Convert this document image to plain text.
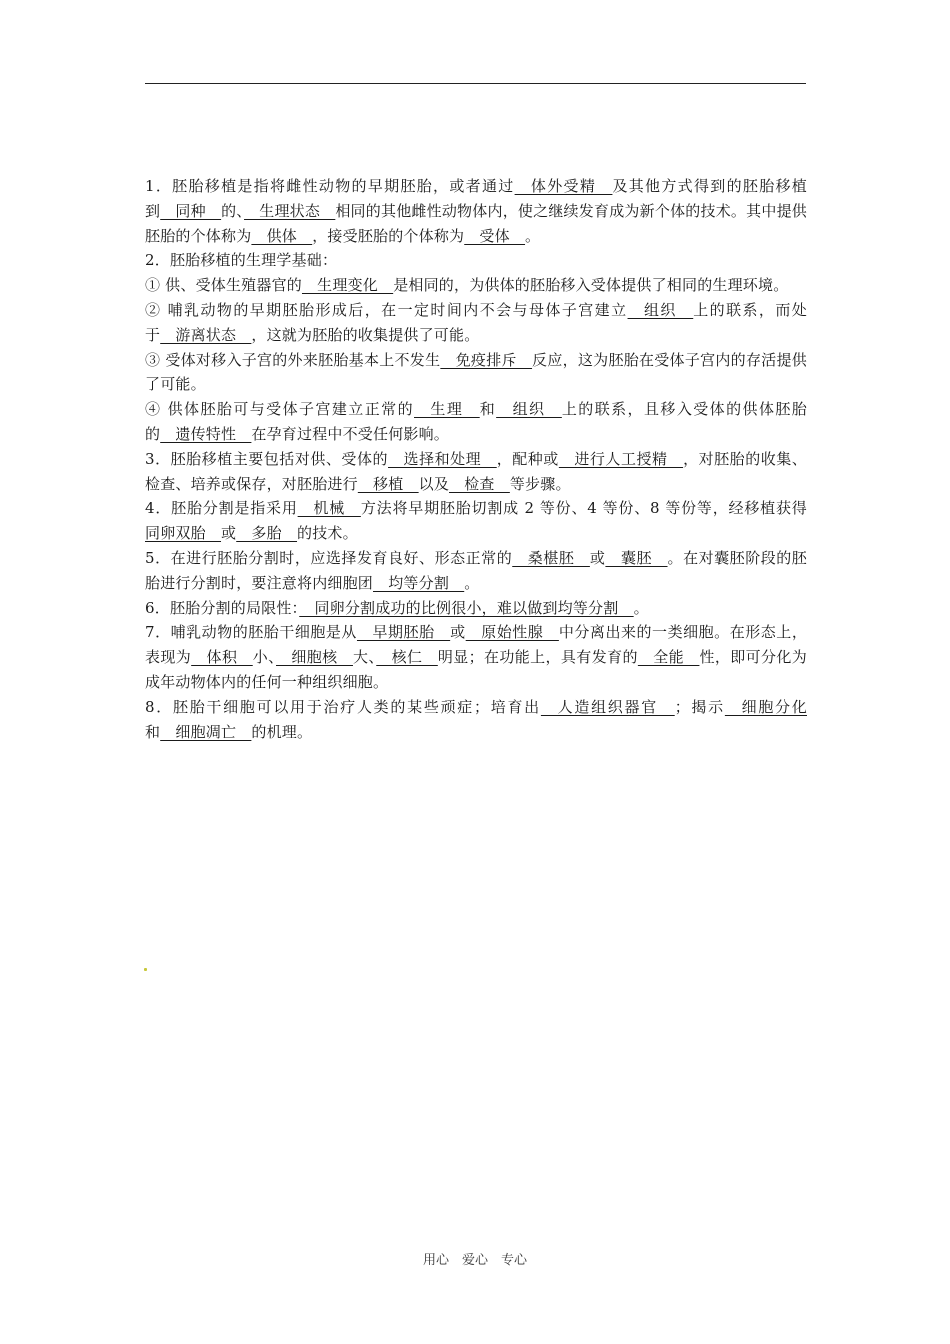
1．胚胎移植是指将雌性动物的早期胚胎，或者通过　体外受精　及其他方式得到的胚胎移植到　同种　的、　生理状态　相同的其他雌性动物体内，使之继续发育成为新个体的技术。其中提供胚胎的个体称为　供体　，接受胚胎的个体称为　受体　。

2．胚胎移植的生理学基础：

① 供、受体生殖器官的　生理变化　是相同的，为供体的胚胎移入受体提供了相同的生理环境。

② 哺乳动物的早期胚胎形成后，在一定时间内不会与母体子宫建立　组织　上的联系，而处于　游离状态　，这就为胚胎的收集提供了可能。

③ 受体对移入子宫的外来胚胎基本上不发生　免疫排斥　反应，这为胚胎在受体子宫内的存活提供了可能。

④ 供体胚胎可与受体子宫建立正常的　生理　和　组织　上的联系，且移入受体的供体胚胎的　遗传特性　在孕育过程中不受任何影响。

3．胚胎移植主要包括对供、受体的　选择和处理　，配种或　进行人工授精　，对胚胎的收集、检查、培养或保存，对胚胎进行　移植　以及　检查　等步骤。

4．胚胎分割是指采用　机械　方法将早期胚胎切割成 2 等份、4 等份、8 等份等，经移植获得同卵双胎　或　多胎　的技术。

5．在进行胚胎分割时，应选择发育良好、形态正常的　桑椹胚　或　囊胚　。在对囊胚阶段的胚胎进行分割时，要注意将内细胞团　均等分割　。

6．胚胎分割的局限性：　同卵分割成功的比例很小，难以做到均等分割　。

7．哺乳动物的胚胎干细胞是从　早期胚胎　或　原始性腺　中分离出来的一类细胞。在形态上，表现为　体积　小、　细胞核　大、　核仁　明显；在功能上，具有发育的　全能　性，即可分化为成年动物体内的任何一种组织细胞。

8．胚胎干细胞可以用于治疗人类的某些顽症；培育出　人造组织器官　；揭示　细胞分化和　细胞凋亡　的机理。

用心　爱心　专心
